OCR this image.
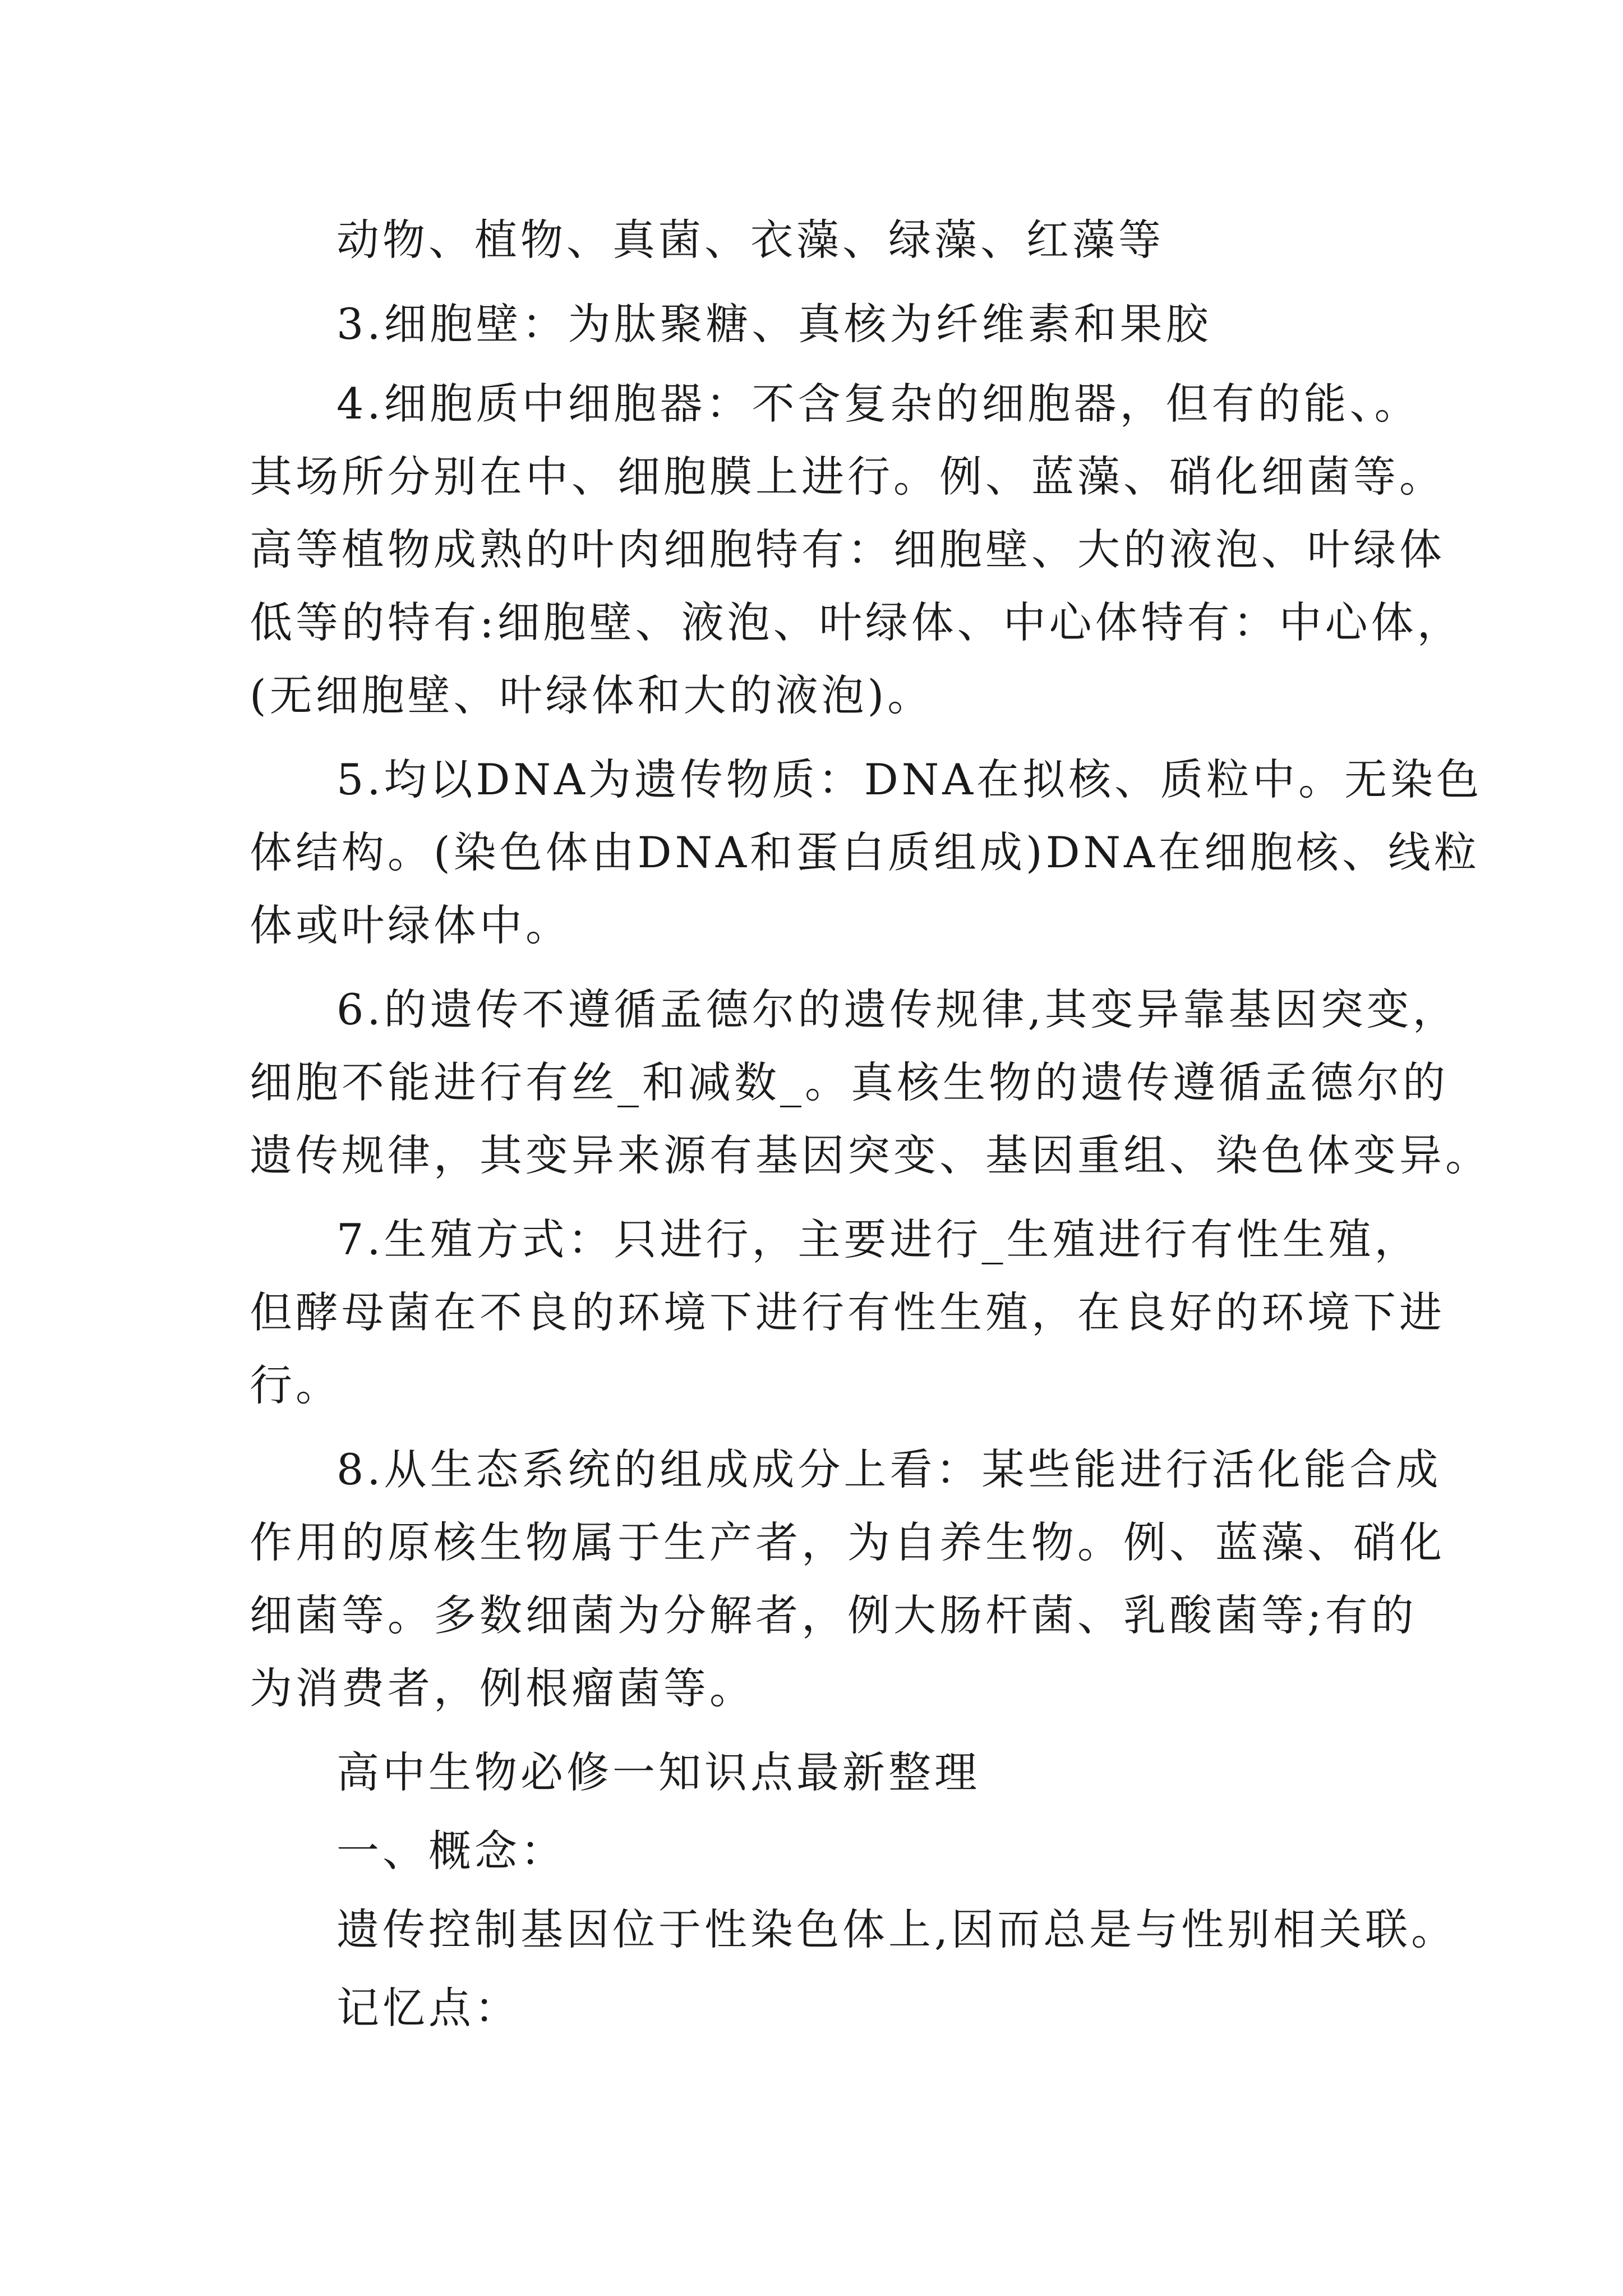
动物、植物、真菌、衣藻、绿藻、红藻等
3.细胞壁：为肽聚糖、真核为纤维素和果胶
4.细胞质中细胞器：不含复杂的细胞器，但有的能、。
其场所分别在中、细胞膜上进行。例、蓝藻、硝化细菌等。
高等植物成熟的叶肉细胞特有：细胞壁、大的液泡、叶绿体
低等的特有:细胞壁、液泡、叶绿体、中心体特有：中心体，
(无细胞壁、叶绿体和大的液泡)。
5.均以DNA为遗传物质：DNA在拟核、质粒中。无染色
体结构。(染色体由DNA和蛋白质组成)DNA在细胞核、线粒
体或叶绿体中。
6.的遗传不遵循孟德尔的遗传规律,其变异靠基因突变，
细胞不能进行有丝_和减数_。真核生物的遗传遵循孟德尔的
遗传规律，其变异来源有基因突变、基因重组、染色体变异。
7.生殖方式：只进行，主要进行_生殖进行有性生殖，
但酵母菌在不良的环境下进行有性生殖，在良好的环境下进
行。
8.从生态系统的组成成分上看：某些能进行活化能合成
作用的原核生物属于生产者，为自养生物。例、蓝藻、硝化
细菌等。多数细菌为分解者，例大肠杆菌、乳酸菌等;有的
为消费者，例根瘤菌等。
高中生物必修一知识点最新整理
一、概念：
遗传控制基因位于性染色体上,因而总是与性别相关联。
记忆点：
